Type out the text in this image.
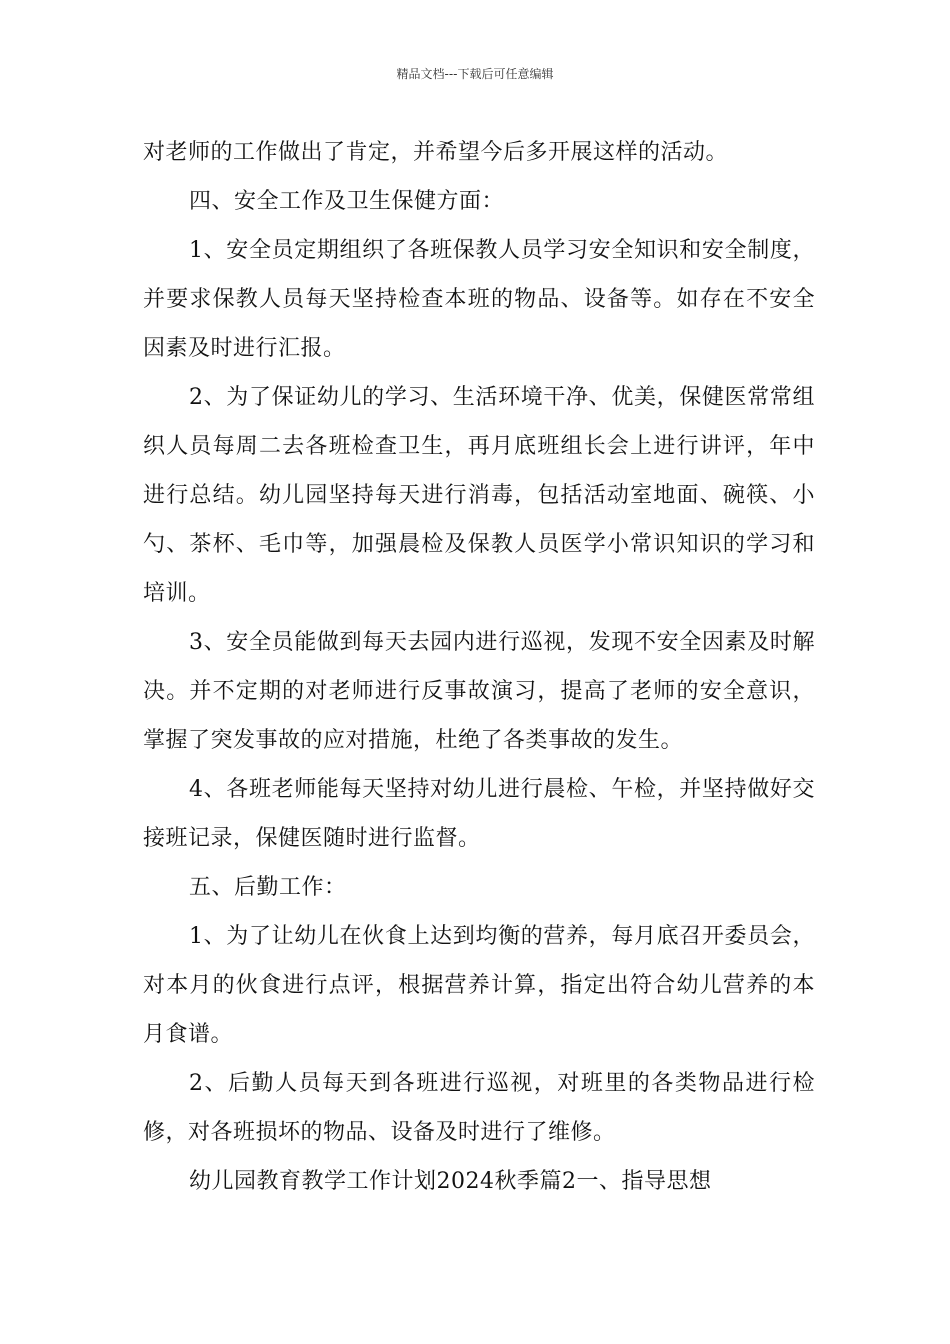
精品文档---下载后可任意编辑

对老师的工作做出了肯定，并希望今后多开展这样的活动。

四、安全工作及卫生保健方面：

1、安全员定期组织了各班保教人员学习安全知识和安全制度，并要求保教人员每天坚持检查本班的物品、设备等。如存在不安全因素及时进行汇报。

2、为了保证幼儿的学习、生活环境干净、优美，保健医常常组织人员每周二去各班检查卫生，再月底班组长会上进行讲评，年中进行总结。幼儿园坚持每天进行消毒，包括活动室地面、碗筷、小勺、茶杯、毛巾等，加强晨检及保教人员医学小常识知识的学习和培训。

3、安全员能做到每天去园内进行巡视，发现不安全因素及时解决。并不定期的对老师进行反事故演习，提高了老师的安全意识，掌握了突发事故的应对措施，杜绝了各类事故的发生。

4、各班老师能每天坚持对幼儿进行晨检、午检，并坚持做好交接班记录，保健医随时进行监督。

五、后勤工作：

1、为了让幼儿在伙食上达到均衡的营养，每月底召开委员会，对本月的伙食进行点评，根据营养计算，指定出符合幼儿营养的本月食谱。

2、后勤人员每天到各班进行巡视，对班里的各类物品进行检修，对各班损坏的物品、设备及时进行了维修。

幼儿园教育教学工作计划2024秋季篇2一、指导思想
